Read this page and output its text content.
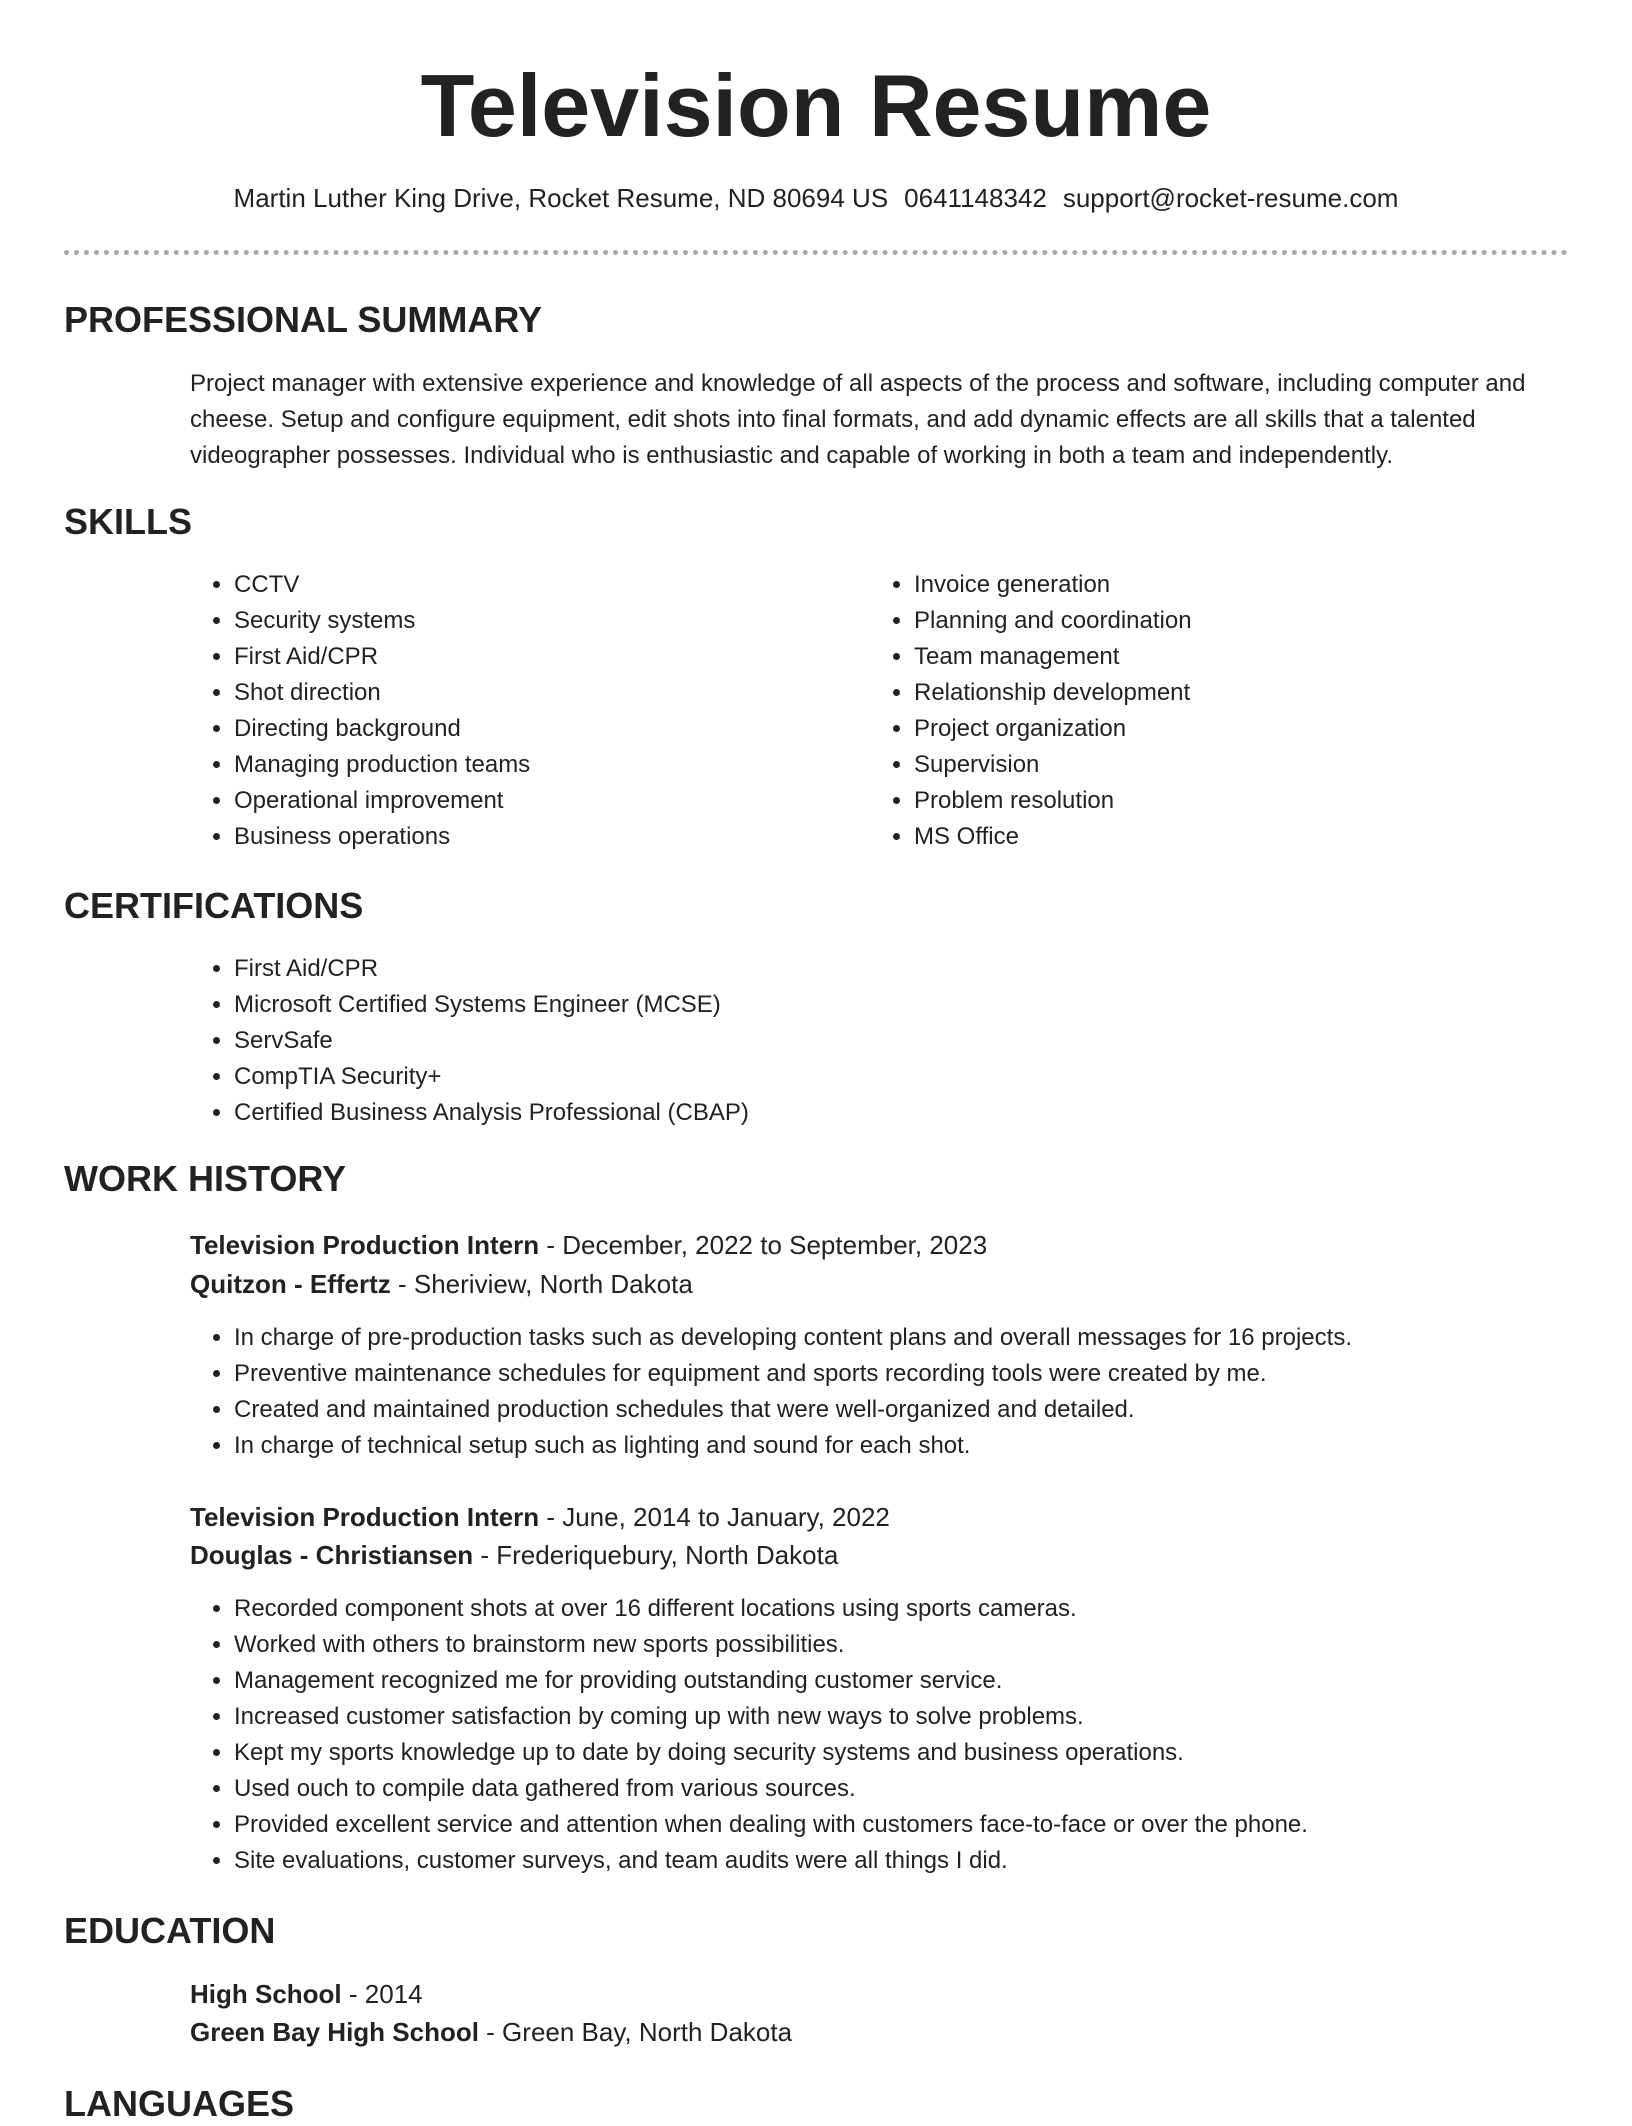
Television Resume
Martin Luther King Drive, Rocket Resume, ND 80694 US 0641148342 support@rocket-resume.com
PROFESSIONAL SUMMARY

Project manager with extensive experience and knowledge of all aspects of the process and software, including computer and cheese. Setup and configure equipment, edit shots into final formats, and add dynamic effects are all skills that a talented videographer possesses. Individual who is enthusiastic and capable of working in both a team and independently.

SKILLS
• CCTV
• Security systems
• First Aid/CPR
• Shot direction
• Directing background
• Managing production teams
• Operational improvement
• Business operations
• Invoice generation
• Planning and coordination
• Team management
• Relationship development
• Project organization
• Supervision
• Problem resolution
• MS Office
CERTIFICATIONS
• First Aid/CPR
• Microsoft Certified Systems Engineer (MCSE)
• ServSafe
• CompTIA Security+
• Certified Business Analysis Professional (CBAP)
WORK HISTORY
Television Production Intern - December, 2022 to September, 2023
Quitzon - Effertz - Sheriview, North Dakota
• In charge of pre-production tasks such as developing content plans and overall messages for 16 projects.
• Preventive maintenance schedules for equipment and sports recording tools were created by me.
• Created and maintained production schedules that were well-organized and detailed.
• In charge of technical setup such as lighting and sound for each shot.
Television Production Intern - June, 2014 to January, 2022
Douglas - Christiansen - Frederiquebury, North Dakota
• Recorded component shots at over 16 different locations using sports cameras.
• Worked with others to brainstorm new sports possibilities.
• Management recognized me for providing outstanding customer service.
• Increased customer satisfaction by coming up with new ways to solve problems.
• Kept my sports knowledge up to date by doing security systems and business operations.
• Used ouch to compile data gathered from various sources.
• Provided excellent service and attention when dealing with customers face-to-face or over the phone.
• Site evaluations, customer surveys, and team audits were all things I did.
EDUCATION
High School - 2014
Green Bay High School - Green Bay, North Dakota
LANGUAGES
